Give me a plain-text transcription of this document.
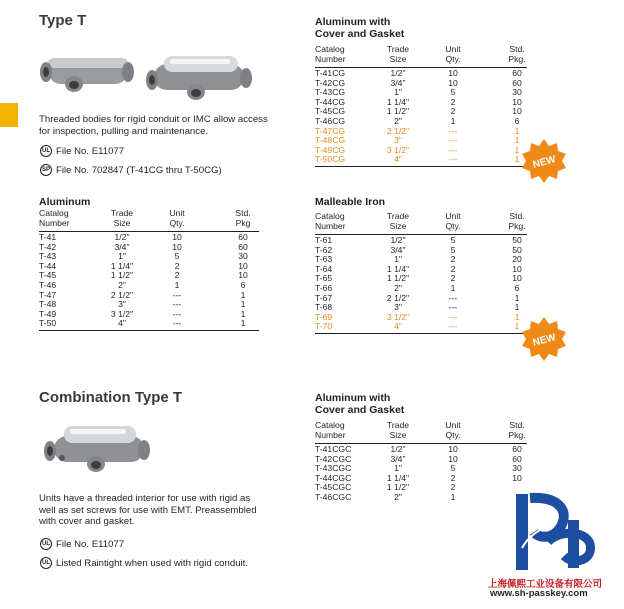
Type T
Threaded bodies for rigid conduit or IMC allow access for inspection, pulling and maintenance.
UL File No. E11077
SP File No. 702847 (T-41CG thru T-50CG)
Aluminum
Catalog
Number
Trade
Size
Unit
Qty.
Std.
Pkg
T-41	1/2"	10	60
T-42	3/4"	10	60
T-43	1"	5	30
T-44	1 1/4"	2	10
T-45	1 1/2"	2	10
T-46	2"	1	6
T-47	2 1/2"	---	1
T-48	3"	---	1
T-49	3 1/2"	---	1
T-50	4"	---	1
Aluminum with
Cover and Gasket
Catalog
Number
Trade
Size
Unit
Qty.
Std.
Pkg.
T-41CG	1/2"	10	60
T-42CG	3/4"	10	60
T-43CG	1"	5	30
T-44CG	1 1/4"	2	10
T-45CG	1 1/2"	2	10
T-46CG	2"	1	6
T-47CG	2 1/2"	---	1
T-48CG	3"	---	1
T-49CG	3 1/2"	---	1
T-50CG	4"	---	1
Malleable Iron
Catalog
Number
Trade
Size
Unit
Qty.
Std.
Pkg.
T-61	1/2"	5	50
T-62	3/4"	5	50
T-63	1"	2	20
T-64	1 1/4"	2	10
T-65	1 1/2"	2	10
T-66	2"	1	6
T-67	2 1/2"	---	1
T-68	3"	---	1
T-69	3 1/2"	---	1
T-70	4"	---	1
NEW
NEW
Combination Type T
Units have a threaded interior for use with rigid as well as set screws for use with EMT. Preassembled with cover and gasket.
UL File No. E11077
UL Listed Raintight when used with rigid conduit.
Aluminum with
Cover and Gasket
Catalog
Number
Trade
Size
Unit
Qty.
Std.
Pkg.
T-41CGC	1/2"	10	60
T-42CGC	3/4"	10	60
T-43CGC	1"	5	30
T-44CGC	1 1/4"	2	10
T-45CGC	1 1/2"	2
T-46CGC	2"	1
上海佩熙工业设备有限公司
www.sh-passkey.com
